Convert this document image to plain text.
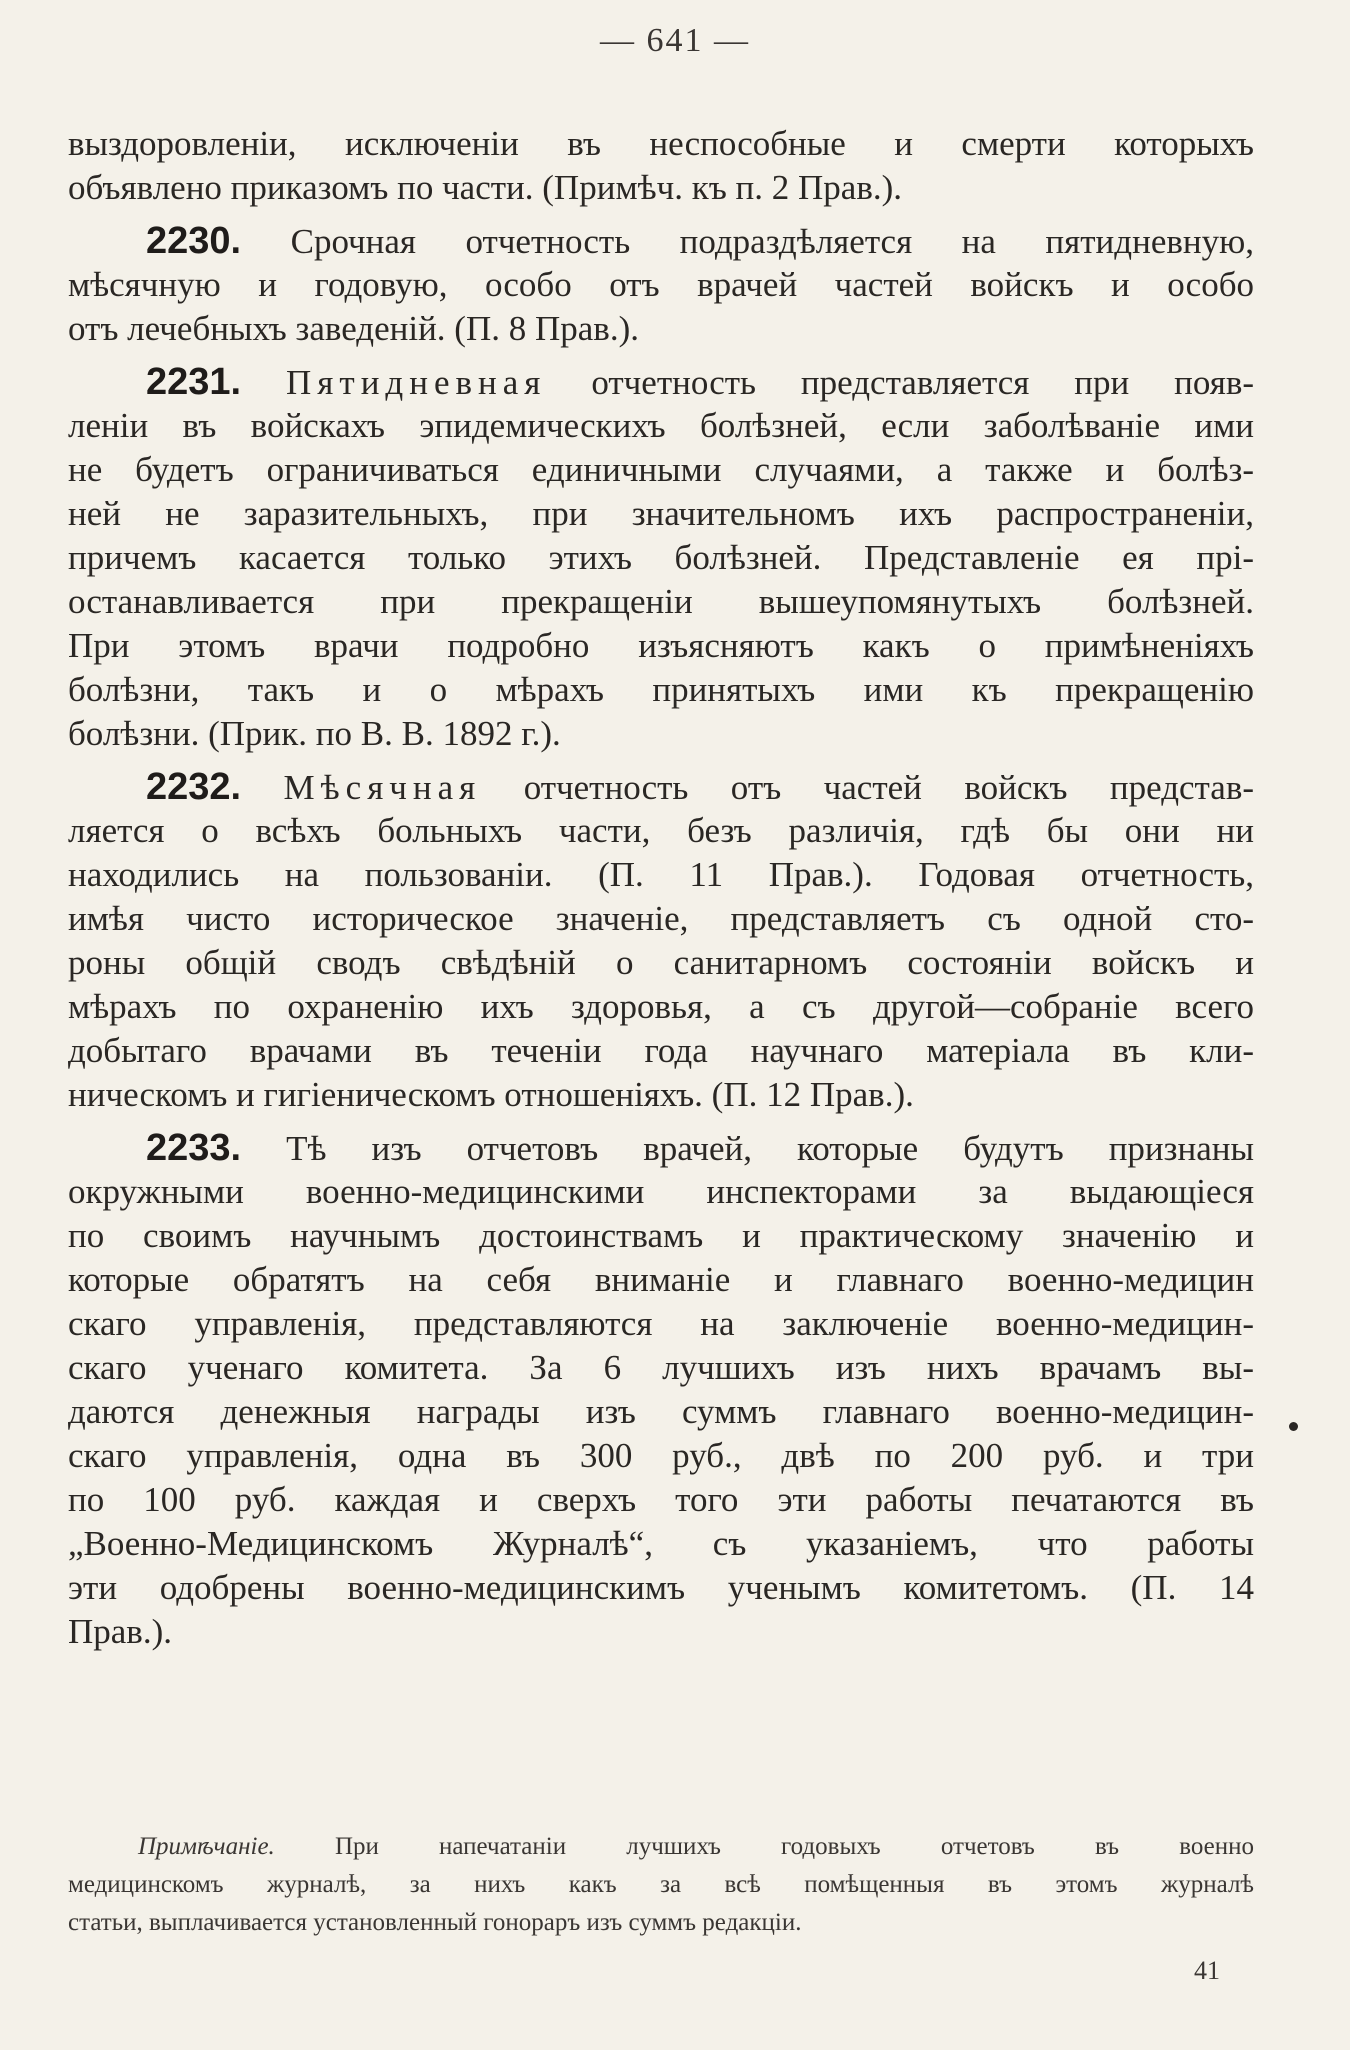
— 641 —
выздоровленіи, исключеніи въ неспособные и смерти которыхъ
объявлено приказомъ по части. (Примѣч. къ п. 2 Прав.).
2230. Срочная отчетность подраздѣляется на пятидневную,
мѣсячную и годовую, особо отъ врачей частей войскъ и особо
отъ лечебныхъ заведеній. (П. 8 Прав.).
2231. Пятидневная отчетность представляется при появ-
леніи въ войскахъ эпидемическихъ болѣзней, если заболѣваніе ими
не будетъ ограничиваться единичными случаями, а также и болѣз-
ней не заразительныхъ, при значительномъ ихъ распространеніи,
причемъ касается только этихъ болѣзней. Представленіе ея прі-
останавливается при прекращеніи вышеупомянутыхъ болѣзней.
При этомъ врачи подробно изъясняютъ какъ о примѣненіяхъ
болѣзни, такъ и о мѣрахъ принятыхъ ими къ прекращенію
болѣзни. (Прик. по В. В. 1892 г.).
2232. Мѣсячная отчетность отъ частей войскъ представ-
ляется о всѣхъ больныхъ части, безъ различія, гдѣ бы они ни
находились на пользованіи. (П. 11 Прав.). Годовая отчетность,
имѣя чисто историческое значеніе, представляетъ съ одной сто-
роны общій сводъ свѣдѣній о санитарномъ состояніи войскъ и
мѣрахъ по охраненію ихъ здоровья, а съ другой—собраніе всего
добытаго врачами въ теченіи года научнаго матеріала въ кли-
ническомъ и гигіеническомъ отношеніяхъ. (П. 12 Прав.).
2233. Тѣ изъ отчетовъ врачей, которые будутъ признаны
окружными военно-медицинскими инспекторами за выдающіеся
по своимъ научнымъ достоинствамъ и практическому значенію и
которые обратятъ на себя вниманіе и главнаго военно-медицин
скаго управленія, представляются на заключеніе военно-медицин-
скаго ученаго комитета. За 6 лучшихъ изъ нихъ врачамъ вы-
даются денежныя награды изъ суммъ главнаго военно-медицин-
скаго управленія, одна въ 300 руб., двѣ по 200 руб. и три
по 100 руб. каждая и сверхъ того эти работы печатаются въ
„Военно-Медицинскомъ Журналѣ“, съ указаніемъ, что работы
эти одобрены военно-медицинскимъ ученымъ комитетомъ. (П. 14
Прав.).
Примѣчаніе. При напечатаніи лучшихъ годовыхъ отчетовъ въ военно
медицинскомъ журналѣ, за нихъ какъ за всѣ помѣщенныя въ этомъ журналѣ
статьи, выплачивается установленный гонораръ изъ суммъ редакціи.
41
